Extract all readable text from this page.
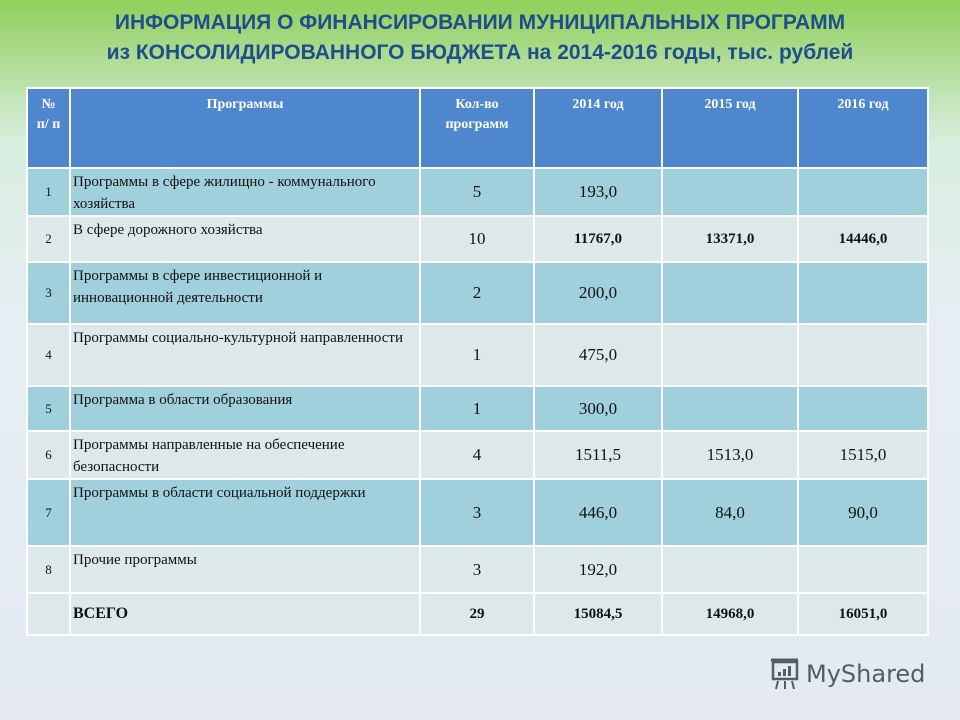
ИНФОРМАЦИЯ О ФИНАНСИРОВАНИИ МУНИЦИПАЛЬНЫХ ПРОГРАММ
из КОНСОЛИДИРОВАННОГО БЮДЖЕТА на 2014-2016 годы, тыс. рублей
№ п/ п	Программы	Кол-во программ	2014 год	2015 год	2016 год
1	Программы в сфере жилищно - коммунального хозяйства	5	193,0		
2	В сфере дорожного хозяйства	10	11767,0	13371,0	14446,0
3	Программы в сфере инвестиционной и инновационной деятельности	2	200,0		
4	Программы социально-культурной направленности	1	475,0		
5	Программа в области образования	1	300,0		
6	Программы направленные на обеспечение безопасности	4	1511,5	1513,0	1515,0
7	Программы в области социальной поддержки	3	446,0	84,0	90,0
8	Прочие программы	3	192,0		
	ВСЕГО	29	15084,5	14968,0	16051,0
MyShared
